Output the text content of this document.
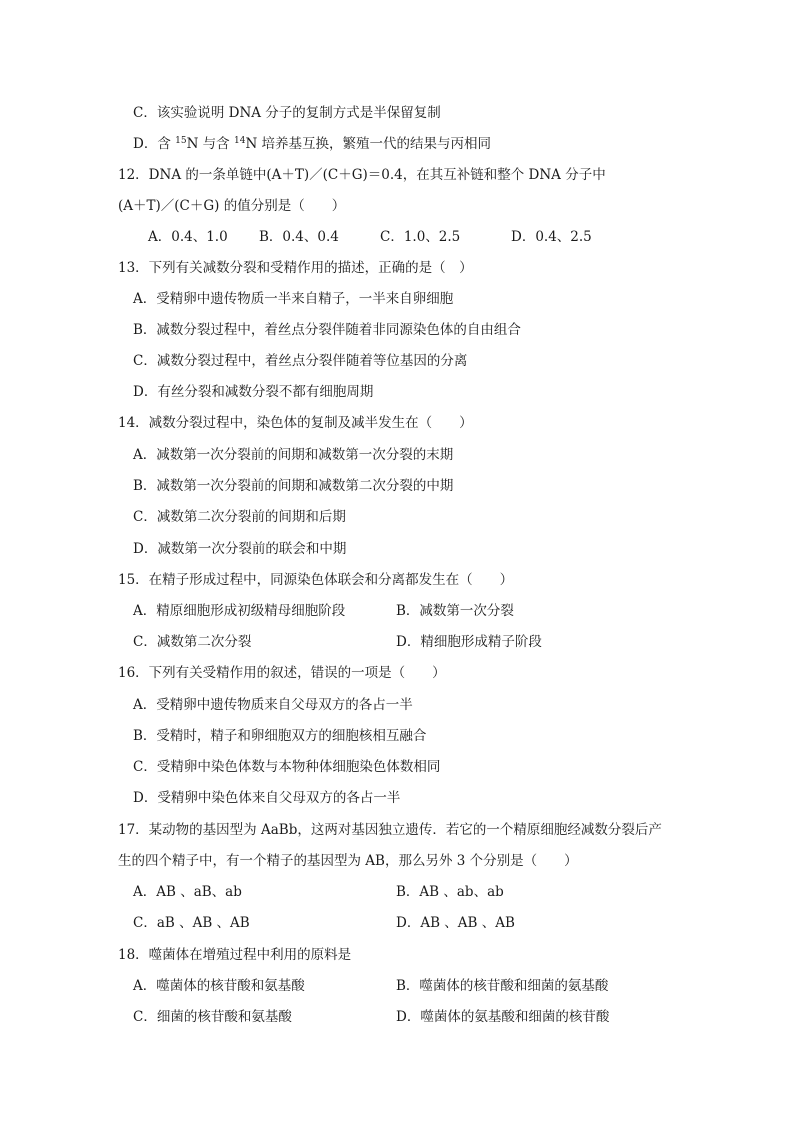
C．该实验说明 DNA 分子的复制方式是半保留复制
D．含 $^{15}$N 与含 $^{14}$N 培养基互换，繁殖一代的结果与丙相同
12．DNA 的一条单链中(A＋T)／(C＋G)＝0.4，在其互补链和整个 DNA 分子中
(A＋T)／(C＋G) 的值分别是（　　）
A．0.4、1.0 B．0.4、0.4	C．1.0、2.5	D．0.4、2.5
13．下列有关减数分裂和受精作用的描述，正确的是（　）
A．受精卵中遗传物质一半来自精子，一半来自卵细胞
B．减数分裂过程中，着丝点分裂伴随着非同源染色体的自由组合
C．减数分裂过程中，着丝点分裂伴随着等位基因的分离
D．有丝分裂和减数分裂不都有细胞周期
14．减数分裂过程中，染色体的复制及减半发生在（　　）
A．减数第一次分裂前的间期和减数第一次分裂的末期
B．减数第一次分裂前的间期和减数第二次分裂的中期
C．减数第二次分裂前的间期和后期
D．减数第一次分裂前的联会和中期
15．在精子形成过程中，同源染色体联会和分离都发生在（　　）
A．精原细胞形成初级精母细胞阶段	B．减数第一次分裂
C．减数第二次分裂	D．精细胞形成精子阶段
16．下列有关受精作用的叙述，错误的一项是（　　）
A．受精卵中遗传物质来自父母双方的各占一半
B．受精时，精子和卵细胞双方的细胞核相互融合
C．受精卵中染色体数与本物种体细胞染色体数相同
D．受精卵中染色体来自父母双方的各占一半
17．某动物的基因型为 AaBb，这两对基因独立遗传．若它的一个精原细胞经减数分裂后产
生的四个精子中，有一个精子的基因型为 AB，那么另外 3 个分别是（　　）
A．AB 、aB、ab	B．AB 、ab、ab
C．aB 、AB 、AB	D．AB 、AB 、AB
18．噬菌体在增殖过程中利用的原料是
A．噬菌体的核苷酸和氨基酸	B．噬菌体的核苷酸和细菌的氨基酸
C．细菌的核苷酸和氨基酸	D．噬菌体的氨基酸和细菌的核苷酸
